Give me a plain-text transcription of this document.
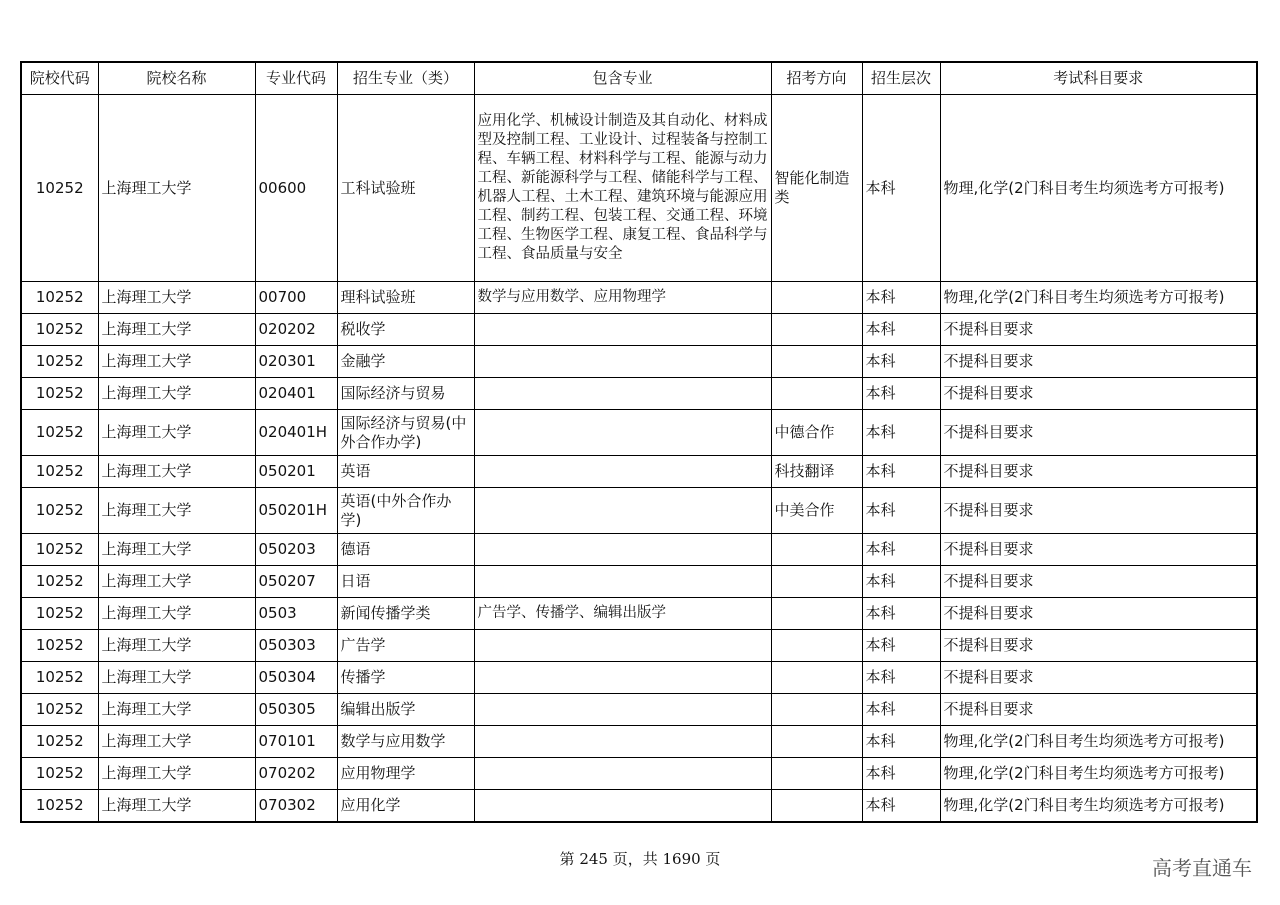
院校代码	院校名称	专业代码	招生专业（类）	包含专业	招考方向	招生层次	考试科目要求
10252	上海理工大学	00600	工科试验班	应用化学、机械设计制造及其自动化、材料成型及控制工程、工业设计、过程装备与控制工程、车辆工程、材料科学与工程、能源与动力工程、新能源科学与工程、储能科学与工程、机器人工程、土木工程、建筑环境与能源应用工程、制药工程、包装工程、交通工程、环境工程、生物医学工程、康复工程、食品科学与工程、食品质量与安全	智能化制造类	本科	物理,化学(2门科目考生均须选考方可报考)
10252	上海理工大学	00700	理科试验班	数学与应用数学、应用物理学		本科	物理,化学(2门科目考生均须选考方可报考)
10252	上海理工大学	020202	税收学			本科	不提科目要求
10252	上海理工大学	020301	金融学			本科	不提科目要求
10252	上海理工大学	020401	国际经济与贸易			本科	不提科目要求
10252	上海理工大学	020401H	国际经济与贸易(中外合作办学)		中德合作	本科	不提科目要求
10252	上海理工大学	050201	英语		科技翻译	本科	不提科目要求
10252	上海理工大学	050201H	英语(中外合作办学)		中美合作	本科	不提科目要求
10252	上海理工大学	050203	德语			本科	不提科目要求
10252	上海理工大学	050207	日语			本科	不提科目要求
10252	上海理工大学	0503	新闻传播学类	广告学、传播学、编辑出版学		本科	不提科目要求
10252	上海理工大学	050303	广告学			本科	不提科目要求
10252	上海理工大学	050304	传播学			本科	不提科目要求
10252	上海理工大学	050305	编辑出版学			本科	不提科目要求
10252	上海理工大学	070101	数学与应用数学			本科	物理,化学(2门科目考生均须选考方可报考)
10252	上海理工大学	070202	应用物理学			本科	物理,化学(2门科目考生均须选考方可报考)
10252	上海理工大学	070302	应用化学			本科	物理,化学(2门科目考生均须选考方可报考)
第 245 页，共 1690 页	高考直通车
